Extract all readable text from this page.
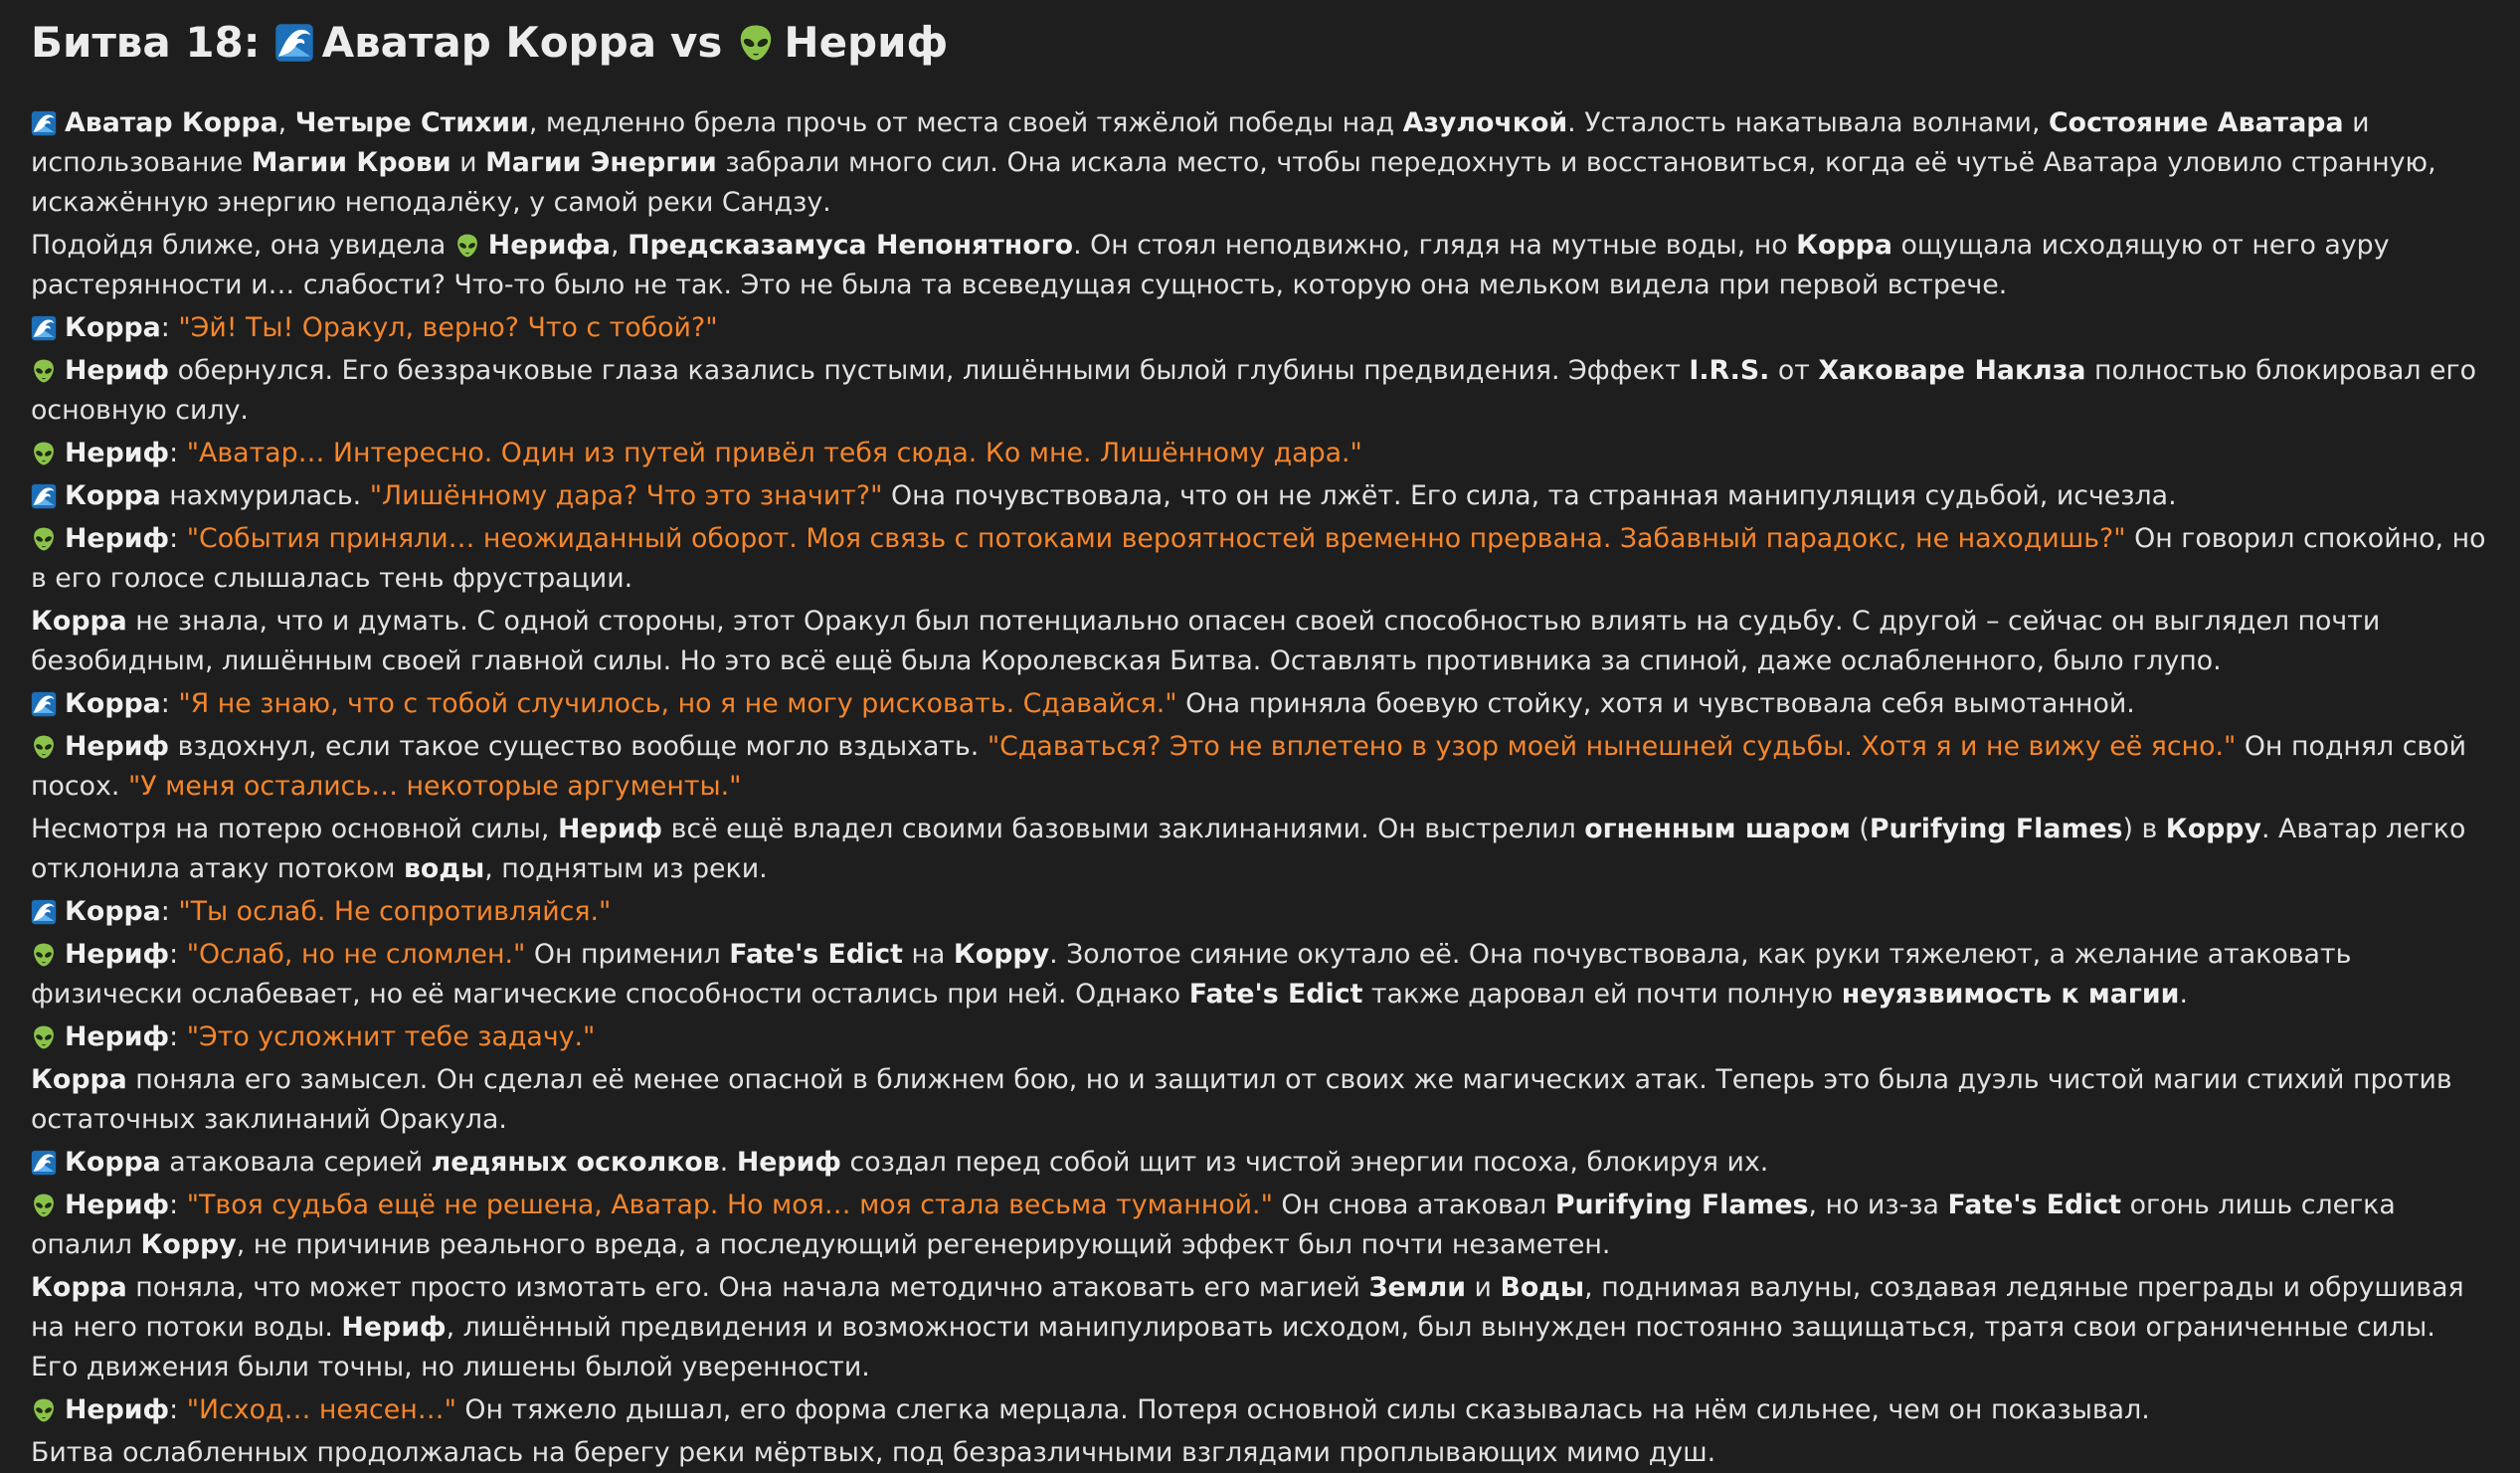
Битва 18: Аватар Корра vs Нериф

Аватар Корра, Четыре Стихии, медленно брела прочь от места своей тяжёлой победы над Азулочкой. Усталость накатывала волнами, Состояние Аватара и использование Магии Крови и Магии Энергии забрали много сил. Она искала место, чтобы передохнуть и восстановиться, когда её чутьё Аватара уловило странную, искажённую энергию неподалёку, у самой реки Сандзу.

Подойдя ближе, она увидела
Нерифа, Предсказамуса Непонятного. Он стоял неподвижно, глядя на мутные воды, но Корра ощущала исходящую от него ауру растерянности и… слабости? Что-то было не так. Это не была та всеведущая сущность, которую она мельком видела при первой встрече.

Корра: "Эй! Ты! Оракул, верно? Что с тобой?"

Нериф обернулся. Его беззрачковые глаза казались пустыми, лишёнными былой глубины предвидения. Эффект I.R.S. от Хаковаре Наклза полностью блокировал его основную силу.

Нериф: "Аватар… Интересно. Один из путей привёл тебя сюда. Ко мне. Лишённому дара."

Корра нахмурилась. "Лишённому дара? Что это значит?" Она почувствовала, что он не лжёт. Его сила, та странная манипуляция судьбой, исчезла.

Нериф: "События приняли… неожиданный оборот. Моя связь с потоками вероятностей временно прервана. Забавный парадокс, не находишь?" Он говорил спокойно, но в его голосе слышалась тень фрустрации.

Корра не знала, что и думать. С одной стороны, этот Оракул был потенциально опасен своей способностью влиять на судьбу. С другой – сейчас он выглядел почти безобидным, лишённым своей главной силы. Но это всё ещё была Королевская Битва. Оставлять противника за спиной, даже ослабленного, было глупо.

Корра: "Я не знаю, что с тобой случилось, но я не могу рисковать. Сдавайся." Она приняла боевую стойку, хотя и чувствовала себя вымотанной.

Нериф вздохнул, если такое существо вообще могло вздыхать. "Сдаваться? Это не вплетено в узор моей нынешней судьбы. Хотя я и не вижу её ясно." Он поднял свой посох. "У меня остались… некоторые аргументы."

Несмотря на потерю основной силы, Нериф всё ещё владел своими базовыми заклинаниями. Он выстрелил огненным шаром (Purifying Flames) в Корру. Аватар легко отклонила атаку потоком воды, поднятым из реки.

Корра: "Ты ослаб. Не сопротивляйся."

Нериф: "Ослаб, но не сломлен." Он применил Fate's Edict на Корру. Золотое сияние окутало её. Она почувствовала, как руки тяжелеют, а желание атаковать физически ослабевает, но её магические способности остались при ней. Однако Fate's Edict также даровал ей почти полную неуязвимость к магии.

Нериф: "Это усложнит тебе задачу."

Корра поняла его замысел. Он сделал её менее опасной в ближнем бою, но и защитил от своих же магических атак. Теперь это была дуэль чистой магии стихий против остаточных заклинаний Оракула.

Корра атаковала серией ледяных осколков. Нериф создал перед собой щит из чистой энергии посоха, блокируя их.

Нериф: "Твоя судьба ещё не решена, Аватар. Но моя… моя стала весьма туманной." Он снова атаковал Purifying Flames, но из-за Fate's Edict огонь лишь слегка опалил Корру, не причинив реального вреда, а последующий регенерирующий эффект был почти незаметен.

Корра поняла, что может просто измотать его. Она начала методично атаковать его магией Земли и Воды, поднимая валуны, создавая ледяные преграды и обрушивая на него потоки воды. Нериф, лишённый предвидения и возможности манипулировать исходом, был вынужден постоянно защищаться, тратя свои ограниченные силы. Его движения были точны, но лишены былой уверенности.

Нериф: "Исход… неясен…" Он тяжело дышал, его форма слегка мерцала. Потеря основной силы сказывалась на нём сильнее, чем он показывал.

Битва ослабленных продолжалась на берегу реки мёртвых, под безразличными взглядами проплывающих мимо душ.
